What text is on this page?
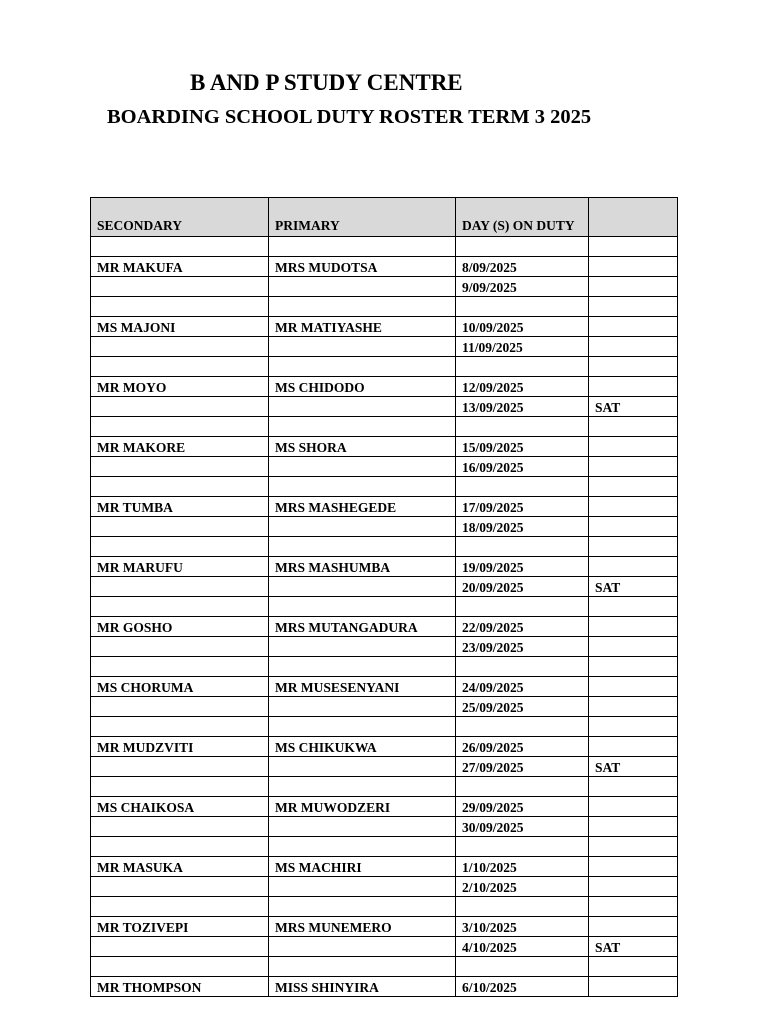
B AND P STUDY CENTRE
BOARDING SCHOOL DUTY ROSTER TERM 3 2025
SECONDARY	PRIMARY	DAY (S) ON DUTY	

MR MAKUFA	MRS MUDOTSA	8/09/2025	
		9/09/2025	

MS MAJONI	MR MATIYASHE	10/09/2025	
		11/09/2025	

MR MOYO	MS CHIDODO	12/09/2025	
		13/09/2025	SAT

MR MAKORE	MS SHORA	15/09/2025	
		16/09/2025	

MR TUMBA	MRS MASHEGEDE	17/09/2025	
		18/09/2025	

MR MARUFU	MRS MASHUMBA	19/09/2025	
		20/09/2025	SAT

MR GOSHO	MRS MUTANGADURA	22/09/2025	
		23/09/2025	

MS CHORUMA	MR MUSESENYANI	24/09/2025	
		25/09/2025	

MR MUDZVITI	MS CHIKUKWA	26/09/2025	
		27/09/2025	SAT

MS CHAIKOSA	MR MUWODZERI	29/09/2025	
		30/09/2025	

MR MASUKA	MS MACHIRI	1/10/2025	
		2/10/2025	

MR TOZIVEPI	MRS MUNEMERO	3/10/2025	
		4/10/2025	SAT

MR THOMPSON	MISS SHINYIRA	6/10/2025	
